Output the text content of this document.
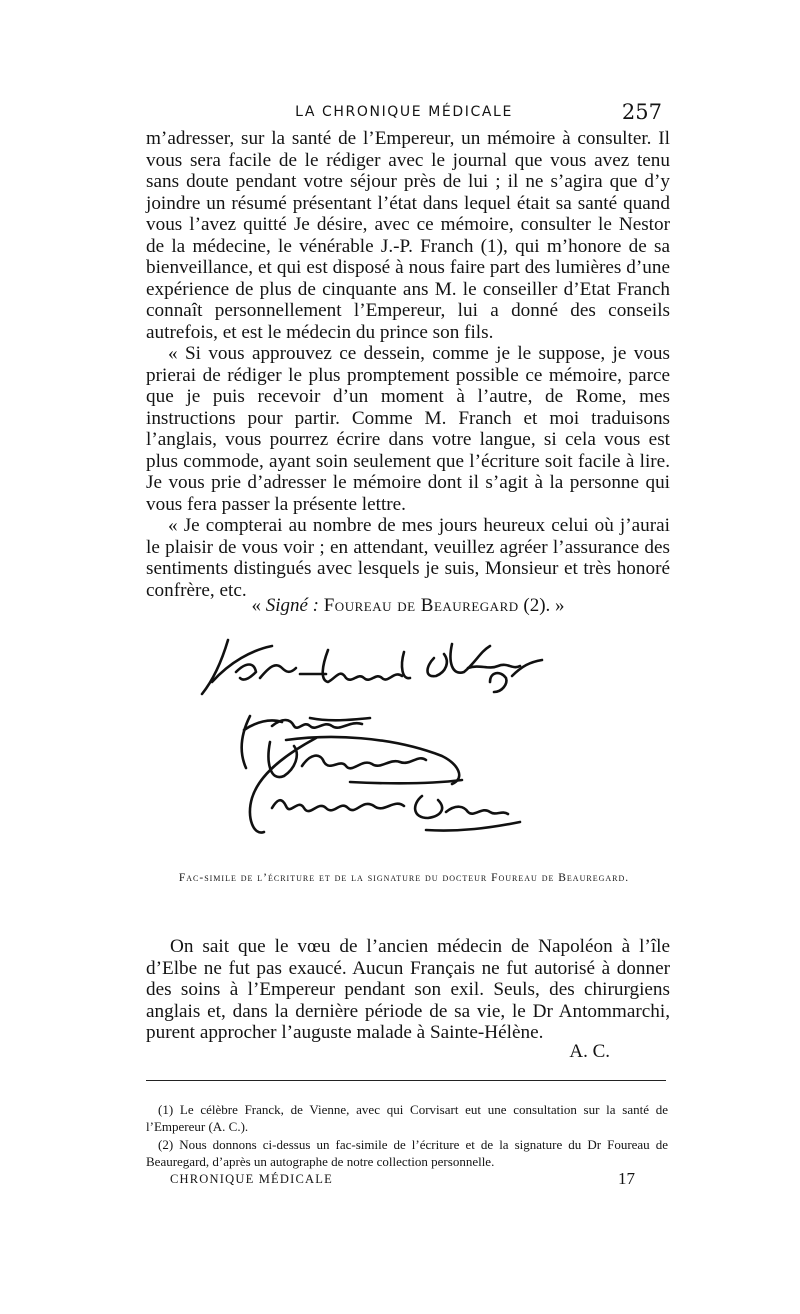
LA CHRONIQUE MÉDICALE	257

m’adresser, sur la santé de l’Empereur, un mémoire à consulter. Il vous sera facile de le rédiger avec le journal que vous avez tenu sans doute pendant votre séjour près de lui ; il ne s’agira que d’y joindre un résumé présentant l’état dans lequel était sa santé quand vous l’avez quitté Je désire, avec ce mémoire, consulter le Nestor de la médecine, le vénérable J.-P. Franch (1), qui m’honore de sa bienveillance, et qui est disposé à nous faire part des lumières d’une expérience de plus de cinquante ans M. le conseiller d’Etat Franch connaît personnellement l’Empereur, lui a donné des conseils autrefois, et est le médecin du prince son fils.

« Si vous approuvez ce dessein, comme je le suppose, je vous prierai de rédiger le plus promptement possible ce mémoire, parce que je puis recevoir d’un moment à l’autre, de Rome, mes instructions pour partir. Comme M. Franch et moi traduisons l’anglais, vous pourrez écrire dans votre langue, si cela vous est plus commode, ayant soin seulement que l’écriture soit facile à lire. Je vous prie d’adresser le mémoire dont il s’agit à la personne qui vous fera passer la présente lettre.

« Je compterai au nombre de mes jours heureux celui où j’aurai le plaisir de vous voir ; en attendant, veuillez agréer l’assurance des sentiments distingués avec lesquels je suis, Monsieur et très honoré confrère, etc.

« Signé : Foureau de Beauregard (2). »
Fac-simile de l’écriture et de la signature du docteur Foureau de Beauregard.

On sait que le vœu de l’ancien médecin de Napoléon à l’île d’Elbe ne fut pas exaucé. Aucun Français ne fut autorisé à donner des soins à l’Empereur pendant son exil. Seuls, des chirurgiens anglais et, dans la dernière période de sa vie, le Dr Antommarchi, purent approcher l’auguste malade à Sainte-Hélène.

A. C.

(1) Le célèbre Franck, de Vienne, avec qui Corvisart eut une consultation sur la santé de l’Empereur (A. C.).

(2) Nous donnons ci-dessus un fac-simile de l’écriture et de la signature du Dr Foureau de Beauregard, d’après un autographe de notre collection personnelle.

CHRONIQUE MÉDICALE	17
